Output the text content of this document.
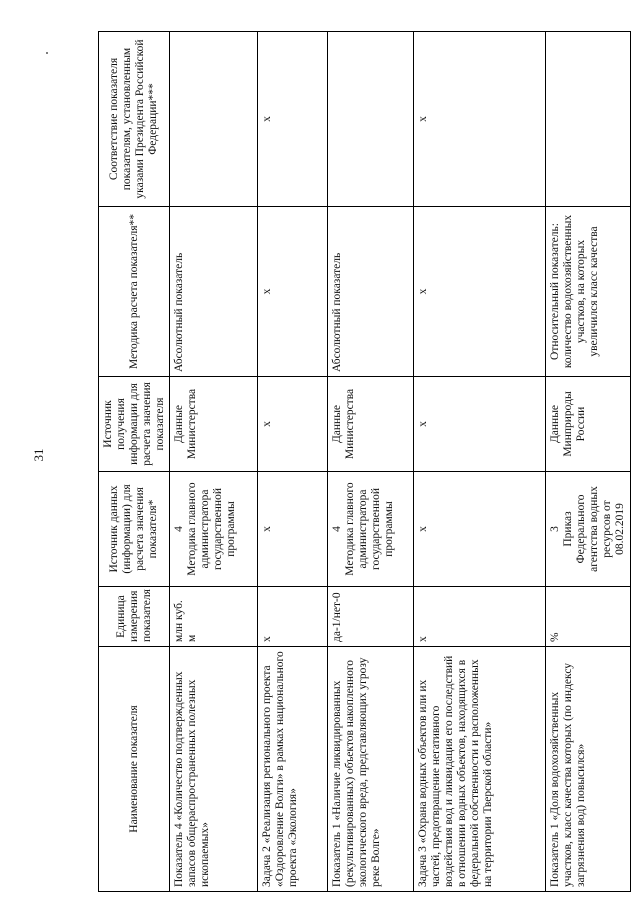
31
Наименование показателя	Единица измерения показателя	Источник данных (информации) для расчета значения показателя*	Источник получения информации для расчета значения показателя	Методика расчета показателя**	Соответствие показателя показателям, установленным указами Президента Российской Федерации***
Показатель 4 «Количество подтвержденных запасов общераспространенных полезных ископаемых»	млн куб. м	4 Методика главного администратора государственной программы	Данные Министерства	Абсолютный показатель	
Задача 2 «Реализация регионального проекта «Оздоровление Волги» в рамках национального проекта «Экология»	х	х	х	х	х
Показатель 1 «Наличие ликвидированных (рекультивированных) объектов накопленного экологического вреда, представляющих угрозу реке Волге»	да-1/нет-0	4 Методика главного администратора государственной программы	Данные Министерства	Абсолютный показатель	
Задача 3 «Охрана водных объектов или их частей, предотвращение негативного воздействия вод и ликвидация его последствий в отношении водных объектов, находящихся в федеральной собственности и расположенных на территории Тверской области»	х	х	х	х	х
Показатель 1 «Доля водохозяйственных участков, класс качества которых (по индексу загрязнения вод) повысился»	%	3 Приказ Федерального агентства водных ресурсов от 08.02.2019	Данные Минприроды России	Относительный показатель: количество водохозяйственных участков, на которых увеличился класс качества	
